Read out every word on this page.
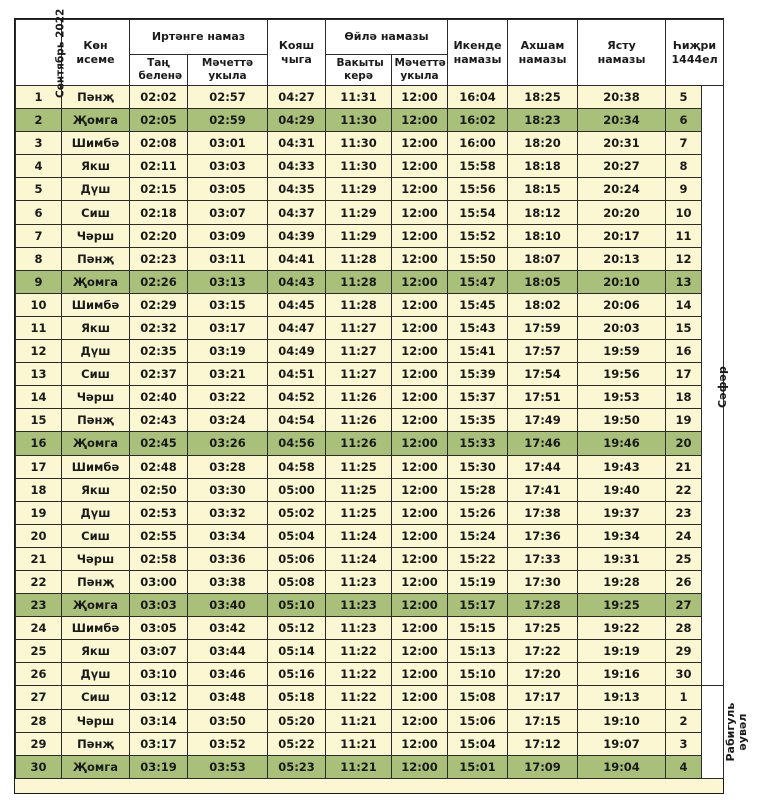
Сентябрь 2022	Көн исеме	Иртәнге намаз		Кояш чыга	Өйлә намазы		Икенде намазы	Ахшам намазы	Ясту намазы	Һиҗри 1444ел	
		Таң беленә	Мәчеттә укыла		Вакыты керә	Мәчеттә укыла					
1	Пәнҗ	02:02	02:57	04:27	11:31	12:00	16:04	18:25	20:38	5	Сәфәр
2	Җомга	02:05	02:59	04:29	11:30	12:00	16:02	18:23	20:34	6	
3	Шимбә	02:08	03:01	04:31	11:30	12:00	16:00	18:20	20:31	7	
4	Якш	02:11	03:03	04:33	11:30	12:00	15:58	18:18	20:27	8	
5	Дүш	02:15	03:05	04:35	11:29	12:00	15:56	18:15	20:24	9	
6	Сиш	02:18	03:07	04:37	11:29	12:00	15:54	18:12	20:20	10	
7	Чәрш	02:20	03:09	04:39	11:29	12:00	15:52	18:10	20:17	11	
8	Пәнҗ	02:23	03:11	04:41	11:28	12:00	15:50	18:07	20:13	12	
9	Җомга	02:26	03:13	04:43	11:28	12:00	15:47	18:05	20:10	13	
10	Шимбә	02:29	03:15	04:45	11:28	12:00	15:45	18:02	20:06	14	
11	Якш	02:32	03:17	04:47	11:27	12:00	15:43	17:59	20:03	15	
12	Дүш	02:35	03:19	04:49	11:27	12:00	15:41	17:57	19:59	16	
13	Сиш	02:37	03:21	04:51	11:27	12:00	15:39	17:54	19:56	17	
14	Чәрш	02:40	03:22	04:52	11:26	12:00	15:37	17:51	19:53	18	
15	Пәнҗ	02:43	03:24	04:54	11:26	12:00	15:35	17:49	19:50	19	
16	Җомга	02:45	03:26	04:56	11:26	12:00	15:33	17:46	19:46	20	
17	Шимбә	02:48	03:28	04:58	11:25	12:00	15:30	17:44	19:43	21	
18	Якш	02:50	03:30	05:00	11:25	12:00	15:28	17:41	19:40	22	
19	Дүш	02:53	03:32	05:02	11:25	12:00	15:26	17:38	19:37	23	
20	Сиш	02:55	03:34	05:04	11:24	12:00	15:24	17:36	19:34	24	
21	Чәрш	02:58	03:36	05:06	11:24	12:00	15:22	17:33	19:31	25	
22	Пәнҗ	03:00	03:38	05:08	11:23	12:00	15:19	17:30	19:28	26	
23	Җомга	03:03	03:40	05:10	11:23	12:00	15:17	17:28	19:25	27	
24	Шимбә	03:05	03:42	05:12	11:23	12:00	15:15	17:25	19:22	28	
25	Якш	03:07	03:44	05:14	11:22	12:00	15:13	17:22	19:19	29	
26	Дүш	03:10	03:46	05:16	11:22	12:00	15:10	17:20	19:16	30	
27	Сиш	03:12	03:48	05:18	11:22	12:00	15:08	17:17	19:13	1	Рабигуль әувәл
28	Чәрш	03:14	03:50	05:20	11:21	12:00	15:06	17:15	19:10	2	
29	Пәнҗ	03:17	03:52	05:22	11:21	12:00	15:04	17:12	19:07	3	
30	Җомга	03:19	03:53	05:23	11:21	12:00	15:01	17:09	19:04	4	
